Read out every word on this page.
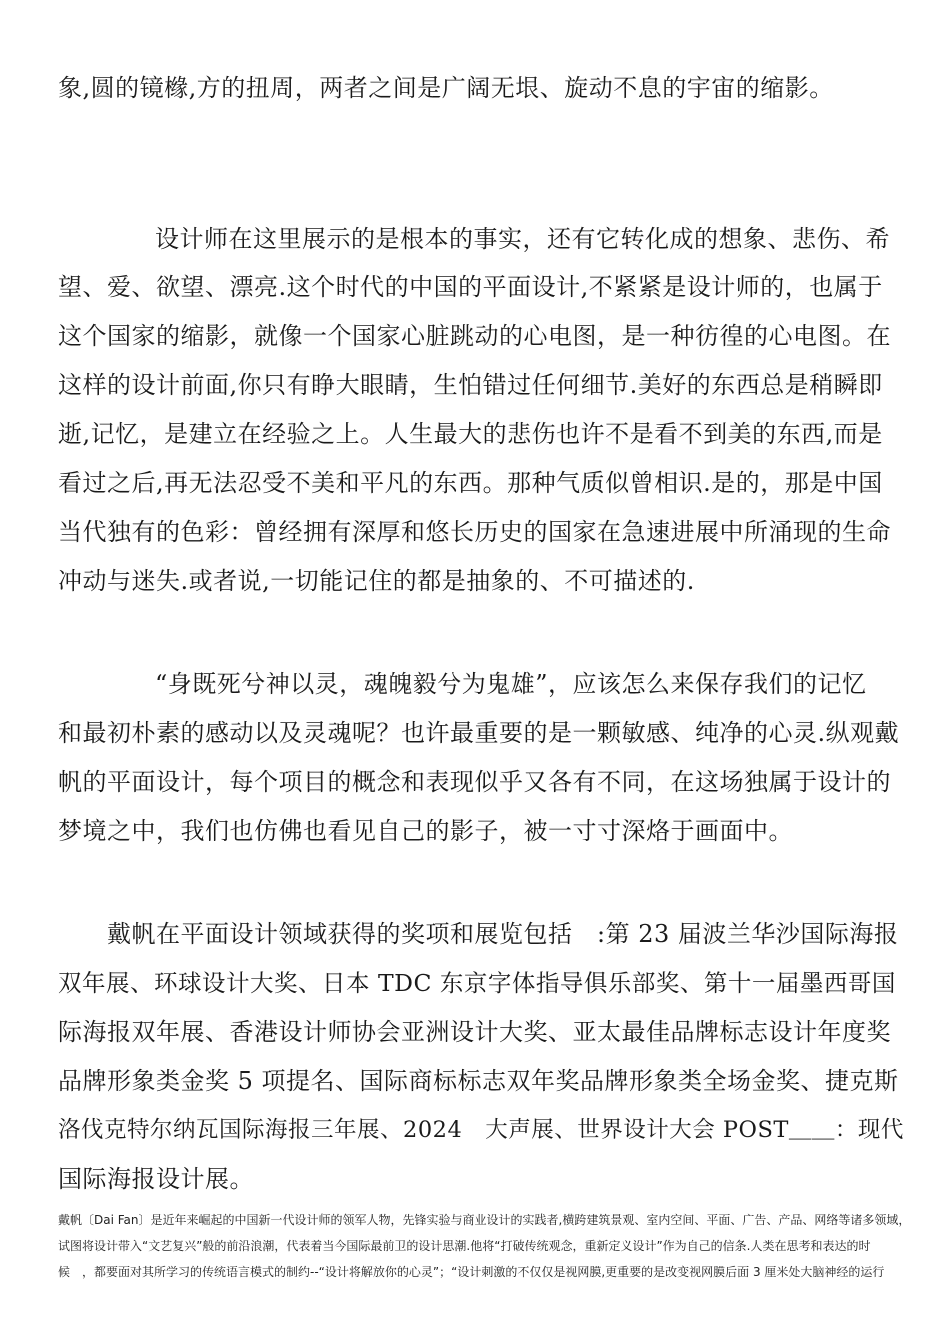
象,圆的镜橼,方的扭周，两者之间是广阔无垠、旋动不息的宇宙的缩影。
设计师在这里展示的是根本的事实，还有它转化成的想象、悲伤、希
望、爱、欲望、漂亮.这个时代的中国的平面设计,不紧紧是设计师的，也属于
这个国家的缩影，就像一个国家心脏跳动的心电图，是一种彷徨的心电图。在
这样的设计前面,你只有睁大眼睛，生怕错过任何细节.美好的东西总是稍瞬即
逝,记忆，是建立在经验之上。人生最大的悲伤也许不是看不到美的东西,而是
看过之后,再无法忍受不美和平凡的东西。那种气质似曾相识.是的，那是中国
当代独有的色彩：曾经拥有深厚和悠长历史的国家在急速进展中所涌现的生命
冲动与迷失.或者说,一切能记住的都是抽象的、不可描述的.
“身既死兮神以灵，魂魄毅兮为鬼雄”，应该怎么来保存我们的记忆
和最初朴素的感动以及灵魂呢？也许最重要的是一颗敏感、纯净的心灵.纵观戴
帆的平面设计，每个项目的概念和表现似乎又各有不同，在这场独属于设计的
梦境之中，我们也仿佛也看见自己的影子，被一寸寸深烙于画面中。
戴帆在平面设计领域获得的奖项和展览包括　:第 23 届波兰华沙国际海报
双年展、环球设计大奖、日本 TDC 东京字体指导俱乐部奖、第十一届墨西哥国
际海报双年展、香港设计师协会亚洲设计大奖、亚太最佳品牌标志设计年度奖
品牌形象类金奖 5 项提名、国际商标标志双年奖品牌形象类全场金奖、捷克斯
洛伐克特尔纳瓦国际海报三年展、2024　大声展、世界设计大会 POST＿＿：现代
国际海报设计展。
戴帆〔Dai Fan〕是近年来崛起的中国新一代设计师的领军人物，先锋实验与商业设计的实践者,横跨建筑景观、室内空间、平面、广告、产品、网络等诸多领域，
试图将设计带入“文艺复兴”般的前沿浪潮，代表着当今国际最前卫的设计思潮.他将“打破传统观念，重新定义设计”作为自己的信条.人类在思考和表达的时
候　，都要面对其所学习的传统语言模式的制约--“设计将解放你的心灵”；“设计刺激的不仅仅是视网膜,更重要的是改变视网膜后面 3 厘米处大脑神经的运行
